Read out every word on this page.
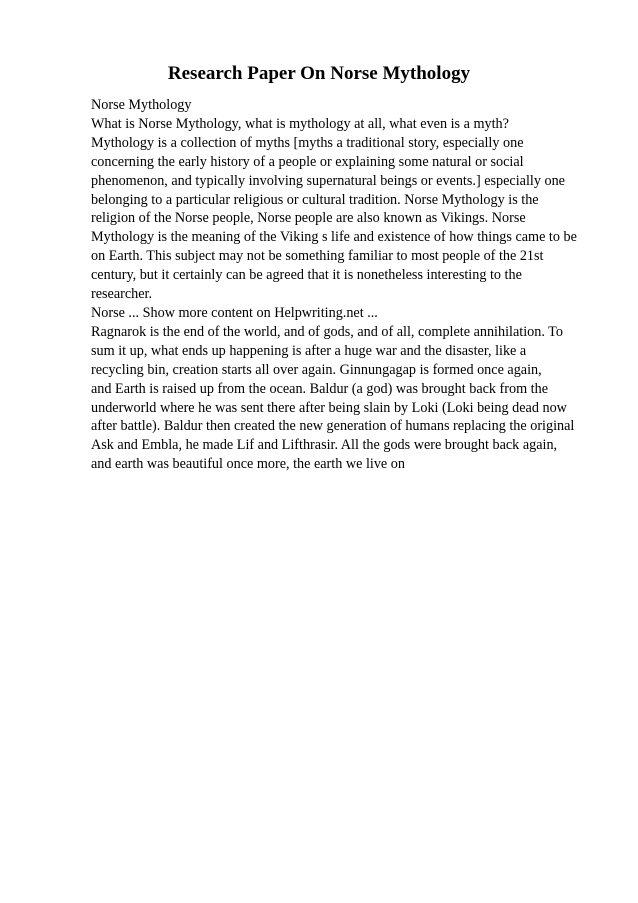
Research Paper On Norse Mythology
Norse Mythology
What is Norse Mythology, what is mythology at all, what even is a myth?
Mythology is a collection of myths [myths a traditional story, especially one
concerning the early history of a people or explaining some natural or social
phenomenon, and typically involving supernatural beings or events.] especially one
belonging to a particular religious or cultural tradition. Norse Mythology is the
religion of the Norse people, Norse people are also known as Vikings. Norse
Mythology is the meaning of the Viking s life and existence of how things came to be
on Earth. This subject may not be something familiar to most people of the 21st
century, but it certainly can be agreed that it is nonetheless interesting to the
researcher.
Norse ... Show more content on Helpwriting.net ...
Ragnarok is the end of the world, and of gods, and of all, complete annihilation. To
sum it up, what ends up happening is after a huge war and the disaster, like a
recycling bin, creation starts all over again. Ginnungagap is formed once again,
and Earth is raised up from the ocean. Baldur (a god) was brought back from the
underworld where he was sent there after being slain by Loki (Loki being dead now
after battle). Baldur then created the new generation of humans replacing the original
Ask and Embla, he made Lif and Lifthrasir. All the gods were brought back again,
and earth was beautiful once more, the earth we live on
